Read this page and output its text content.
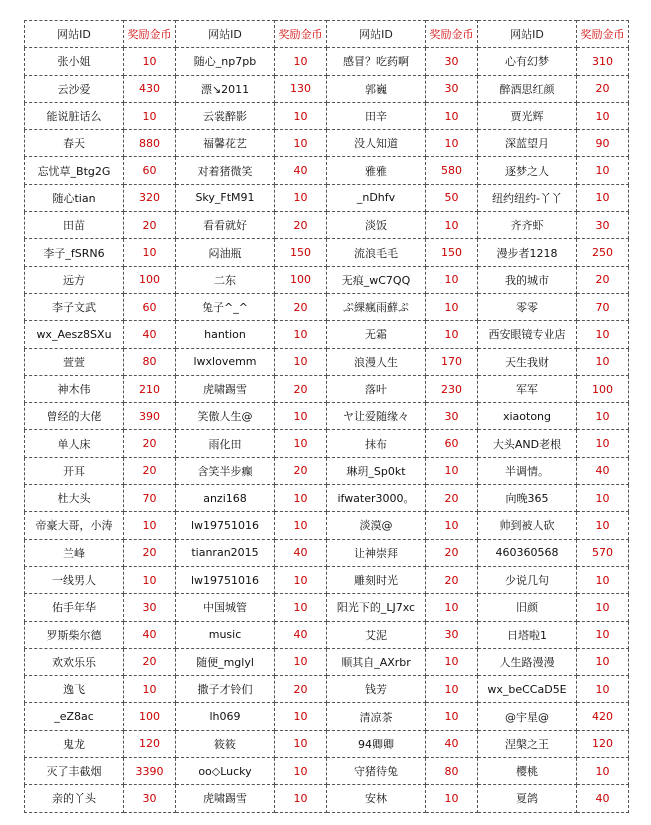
网站ID	奖励金币	网站ID	奖励金币	网站ID	奖励金币	网站ID	奖励金币
张小姐	10	随心_np7pb	10	感冒？吃药啊	30	心有幻梦	310
云沙爱	430	漂↘2011	130	郭巍	30	醉酒思红颜	20
能说脏话么	10	云裳醉影	10	田辛	10	贾光辉	10
春天	880	福馨花艺	10	没人知道	10	深蓝望月	90
忘忧草_Btg2G	60	对着猪微笑	40	雅雅	580	逐梦之人	10
随心tian	320	Sky_FtM91	10	_nDhfv	50	纽约纽约-丫丫	10
田苗	20	看看就好	20	淡饭	10	齐齐虾	30
李子_fSRN6	10	闷油瓶	150	流浪毛毛	150	漫步者1218	250
远方	100	二东	100	无痕_wC7QQ	10	我的城市	20
李子文武	60	兔子^_^	20	ぷ綶瘋雨蘚ぷ	10	零零	70
wx_Aesz8SXu	40	hantion	10	无霜	10	西安眼镜专业店	10
萱萱	80	lwxlovemm	10	浪漫人生	170	天生我财	10
神木伟	210	虎啸踢雪	20	落叶	230	军军	100
曾经的大佬	390	笑傲人生@	10	ヤ让爱随缘々	30	xiaotong	10
单人床	20	雨化田	10	抹布	60	大头AND老根	10
开耳	20	含笑半步癫	20	琳玥_Sp0kt	10	半调情。	40
杜大头	70	anzi168	10	ifwater3000。	20	向晚365	10
帝豪大哥，小涛	10	lw19751016	10	淡漠@	10	帅到被人砍	10
兰峰	20	tianran2015	40	让神崇拜	20	460360568	570
一线男人	10	lw19751016	10	雕刻时光	20	少说几句	10
佑手年华	30	中国城管	10	阳光下的_LJ7xc	10	旧颜	10
罗斯柴尔德	40	music	40	艾泥	30	日塔啦1	10
欢欢乐乐	20	随便_mglyl	10	顺其自_AXrbr	10	人生路漫漫	10
逸飞	10	撒子才铃们	20	钱芳	10	wx_beCCaD5E	10
_eZ8ac	100	lh069	10	清凉茶	10	@宇星@	420
鬼龙	120	筱筱	10	94卿卿	40	涅槃之王	120
灭了丰截烟	3390	oo◇Lucky	10	守猪待兔	80	樱桃	10
亲的丫头	30	虎啸踢雪	10	安林	10	夏鸽	40
